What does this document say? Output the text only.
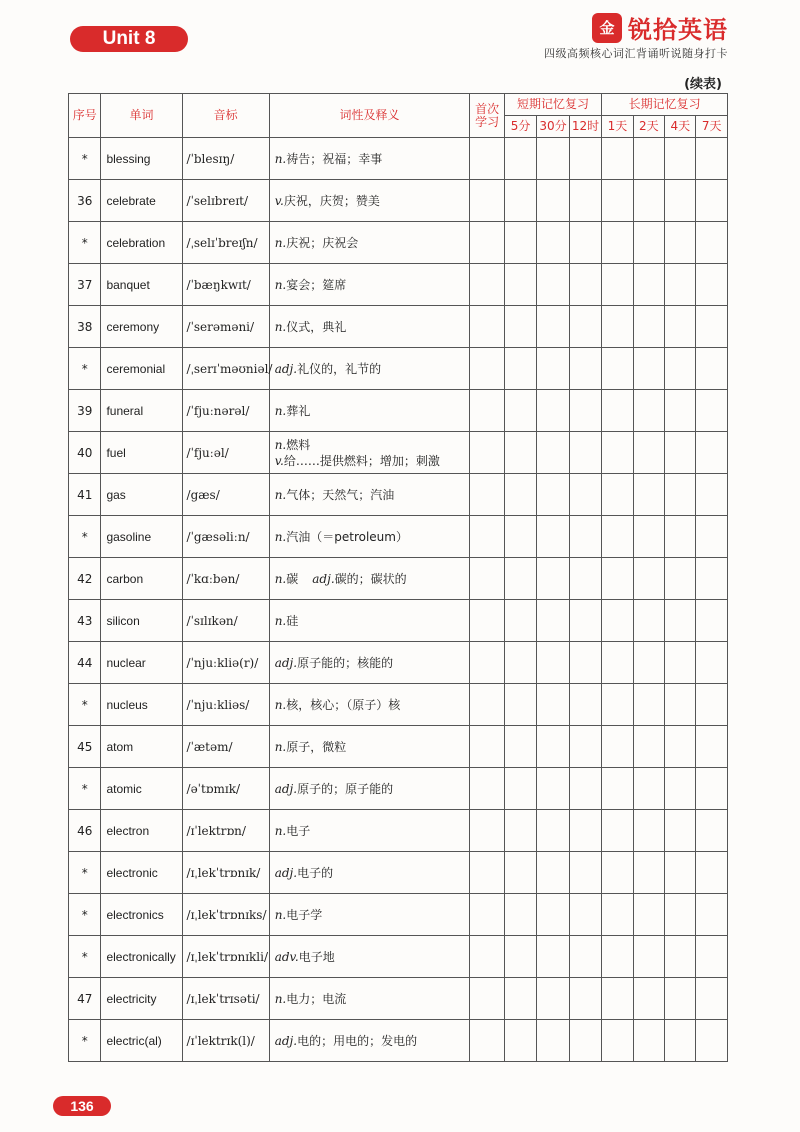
Unit 8
金 锐拾英语
四级高频核心词汇背诵听说随身打卡
(续表)
序号	单词	音标	词性及释义	首次学习	短期记忆复习			长期记忆复习			
					5分	30分	12时	1天	2天	4天	7天
*	blessing	/ˈblesɪŋ/	n.祷告；祝福；幸事								

36	celebrate	/ˈselɪbreɪt/	v.庆祝，庆贺；赞美								

*	celebration	/ˌselɪˈbreɪʃn/	n.庆祝；庆祝会								

37	banquet	/ˈbæŋkwɪt/	n.宴会；筵席								

38	ceremony	/ˈserəməni/	n.仪式，典礼								

*	ceremonial	/ˌserɪˈməʊniəl/	adj.礼仪的，礼节的								

39	funeral	/ˈfjuːnərəl/	n.葬礼								

40	fuel	/ˈfjuːəl/	n.燃料
v.给……提供燃料；增加；刺激								

41	gas	/gæs/	n.气体；天然气；汽油								

*	gasoline	/ˈgæsəliːn/	n.汽油（＝petroleum）								

42	carbon	/ˈkɑːbən/	n.碳 adj.碳的；碳状的								

43	silicon	/ˈsɪlɪkən/	n.硅								

44	nuclear	/ˈnjuːkliə(r)/	adj.原子能的；核能的								

*	nucleus	/ˈnjuːkliəs/	n.核，核心；（原子）核								

45	atom	/ˈætəm/	n.原子，微粒								

*	atomic	/əˈtɒmɪk/	adj.原子的；原子能的								

46	electron	/ɪˈlektrɒn/	n.电子								

*	electronic	/ɪˌlekˈtrɒnɪk/	adj.电子的								

*	electronics	/ɪˌlekˈtrɒnɪks/	n.电子学								

*	electronically	/ɪˌlekˈtrɒnɪkli/	adv.电子地								

47	electricity	/ɪˌlekˈtrɪsəti/	n.电力；电流								

*	electric(al)	/ɪˈlektrɪk(l)/	adj.电的；用电的；发电的								

136
